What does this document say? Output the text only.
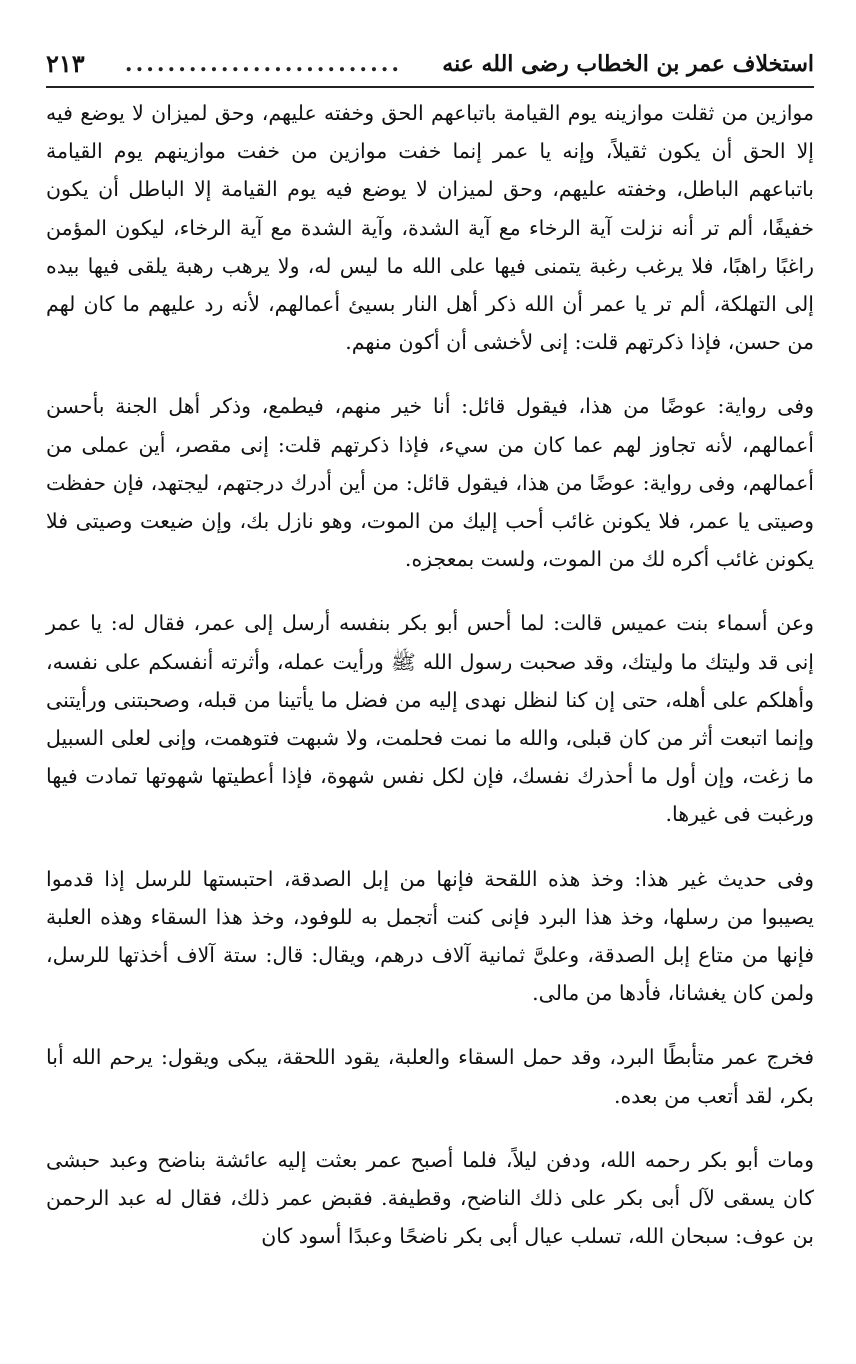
استخلاف عمر بن الخطاب رضى الله عنه
..........................
٢١٣

موازين من ثقلت موازينه يوم القيامة باتباعهم الحق وخفته عليهم، وحق لميزان لا يوضع فيه إلا الحق أن يكون ثقيلاً، وإنه يا عمر إنما خفت موازين من خفت موازينهم يوم القيامة باتباعهم الباطل، وخفته عليهم، وحق لميزان لا يوضع فيه يوم القيامة إلا الباطل أن يكون خفيفًا، ألم تر أنه نزلت آية الرخاء مع آية الشدة، وآية الشدة مع آية الرخاء، ليكون المؤمن راغبًا راهبًا، فلا يرغب رغبة يتمنى فيها على الله ما ليس له، ولا يرهب رهبة يلقى فيها بيده إلى التهلكة، ألم تر يا عمر أن الله ذكر أهل النار بسيئ أعمالهم، لأنه رد عليهم ما كان لهم من حسن، فإذا ذكرتهم قلت: إنى لأخشى أن أكون منهم.

وفى رواية: عوضًا من هذا، فيقول قائل: أنا خير منهم، فيطمع، وذكر أهل الجنة بأحسن أعمالهم، لأنه تجاوز لهم عما كان من سيء، فإذا ذكرتهم قلت: إنى مقصر، أين عملى من أعمالهم، وفى رواية: عوضًا من هذا، فيقول قائل: من أين أدرك درجتهم، ليجتهد، فإن حفظت وصيتى يا عمر، فلا يكونن غائب أحب إليك من الموت، وهو نازل بك، وإن ضيعت وصيتى فلا يكونن غائب أكره لك من الموت، ولست بمعجزه.

وعن أسماء بنت عميس قالت: لما أحس أبو بكر بنفسه أرسل إلى عمر، فقال له: يا عمر إنى قد وليتك ما وليتك، وقد صحبت رسول الله ﷺ ورأيت عمله، وأثرته أنفسكم على نفسه، وأهلكم على أهله، حتى إن كنا لنظل نهدى إليه من فضل ما يأتينا من قبله، وصحبتنى ورأيتنى وإنما اتبعت أثر من كان قبلى، والله ما نمت فحلمت، ولا شبهت فتوهمت، وإنى لعلى السبيل ما زغت، وإن أول ما أحذرك نفسك، فإن لكل نفس شهوة، فإذا أعطيتها شهوتها تمادت فيها ورغبت فى غيرها.

وفى حديث غير هذا: وخذ هذه اللقحة فإنها من إبل الصدقة، احتبستها للرسل إذا قدموا يصيبوا من رسلها، وخذ هذا البرد فإنى كنت أتجمل به للوفود، وخذ هذا السقاء وهذه العلبة فإنها من متاع إبل الصدقة، وعلىَّ ثمانية آلاف درهم، ويقال: قال: ستة آلاف أخذتها للرسل، ولمن كان يغشانا، فأدها من مالى.

فخرج عمر متأبطًا البرد، وقد حمل السقاء والعلبة، يقود اللحقة، يبكى ويقول: يرحم الله أبا بكر، لقد أتعب من بعده.

ومات أبو بكر رحمه الله، ودفن ليلاً، فلما أصبح عمر بعثت إليه عائشة بناضح وعبد حبشى كان يسقى لآل أبى بكر على ذلك الناضح، وقطيفة. فقبض عمر ذلك، فقال له عبد الرحمن بن عوف: سبحان الله، تسلب عيال أبى بكر ناضحًا وعبدًا أسود كان
